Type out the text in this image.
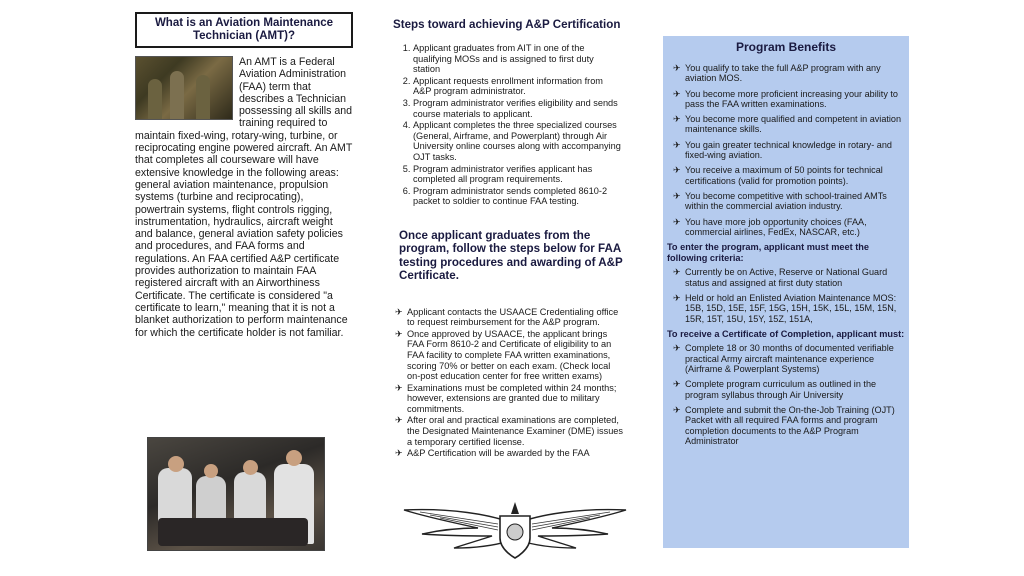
What is an Aviation Maintenance Technician (AMT)?
An AMT is a Federal Aviation Administration (FAA) term that describes a Technician possessing all skills and training required to maintain fixed-wing, rotary-wing, turbine, or reciprocating engine powered aircraft. An AMT that completes all courseware will have extensive knowledge in the following areas: general aviation maintenance, propulsion systems (turbine and reciprocating), powertrain systems, flight controls rigging, instrumentation, hydraulics, aircraft weight and balance, general aviation safety policies and procedures, and FAA forms and regulations. An FAA certified A&P certificate provides authorization to maintain FAA registered aircraft with an Airworthiness Certificate. The certificate is considered "a certificate to learn," meaning that it is not a blanket authorization to perform maintenance for which the certificate holder is not familiar.
Steps toward achieving A&P Certification
1. Applicant graduates from AIT in one of the qualifying MOSs and is assigned to first duty station
2. Applicant requests enrollment information from A&P program administrator.
3. Program administrator verifies eligibility and sends course materials to applicant.
4. Applicant completes the three specialized courses (General, Airframe, and Powerplant) through Air University online courses along with accompanying OJT tasks.
5. Program administrator verifies applicant has completed all program requirements.
6. Program administrator sends completed 8610-2 packet to soldier to continue FAA testing.
Once applicant graduates from the program, follow the steps below for FAA testing procedures and awarding of A&P Certificate.
✈ Applicant contacts the USAACE Credentialing office to request reimbursement for the A&P program.
✈ Once approved by USAACE, the applicant brings FAA Form 8610-2 and Certificate of eligibility to an FAA facility to complete FAA written examinations, scoring 70% or better on each exam. (Check local on-post education center for free written exams)
✈ Examinations must be completed within 24 months; however, extensions are granted due to military commitments.
✈ After oral and practical examinations are completed, the Designated Maintenance Examiner (DME) issues a temporary certified license.
✈ A&P Certification will be awarded by the FAA
Program Benefits
✈ You qualify to take the full A&P program with any aviation MOS.
✈ You become more proficient increasing your ability to pass the FAA written examinations.
✈ You become more qualified and competent in aviation maintenance skills.
✈ You gain greater technical knowledge in rotary- and fixed-wing aviation.
✈ You receive a maximum of 50 points for technical certifications (valid for promotion points).
✈ You become competitive with school-trained AMTs within the commercial aviation industry.
✈ You have more job opportunity choices (FAA, commercial airlines, FedEx, NASCAR, etc.)
To enter the program, applicant must meet the following criteria:
✈ Currently be on Active, Reserve or National Guard status and assigned at first duty station
✈ Held or hold an Enlisted Aviation Maintenance MOS: 15B, 15D, 15E, 15F, 15G, 15H, 15K, 15L, 15M, 15N, 15R, 15T, 15U, 15Y, 15Z, 151A,
To receive a Certificate of Completion, applicant must:
✈ Complete 18 or 30 months of documented verifiable practical Army aircraft maintenance experience (Airframe & Powerplant Systems)
✈ Complete program curriculum as outlined in the program syllabus through Air University
✈ Complete and submit the On-the-Job Training (OJT) Packet with all required FAA forms and program completion documents to the A&P Program Administrator
